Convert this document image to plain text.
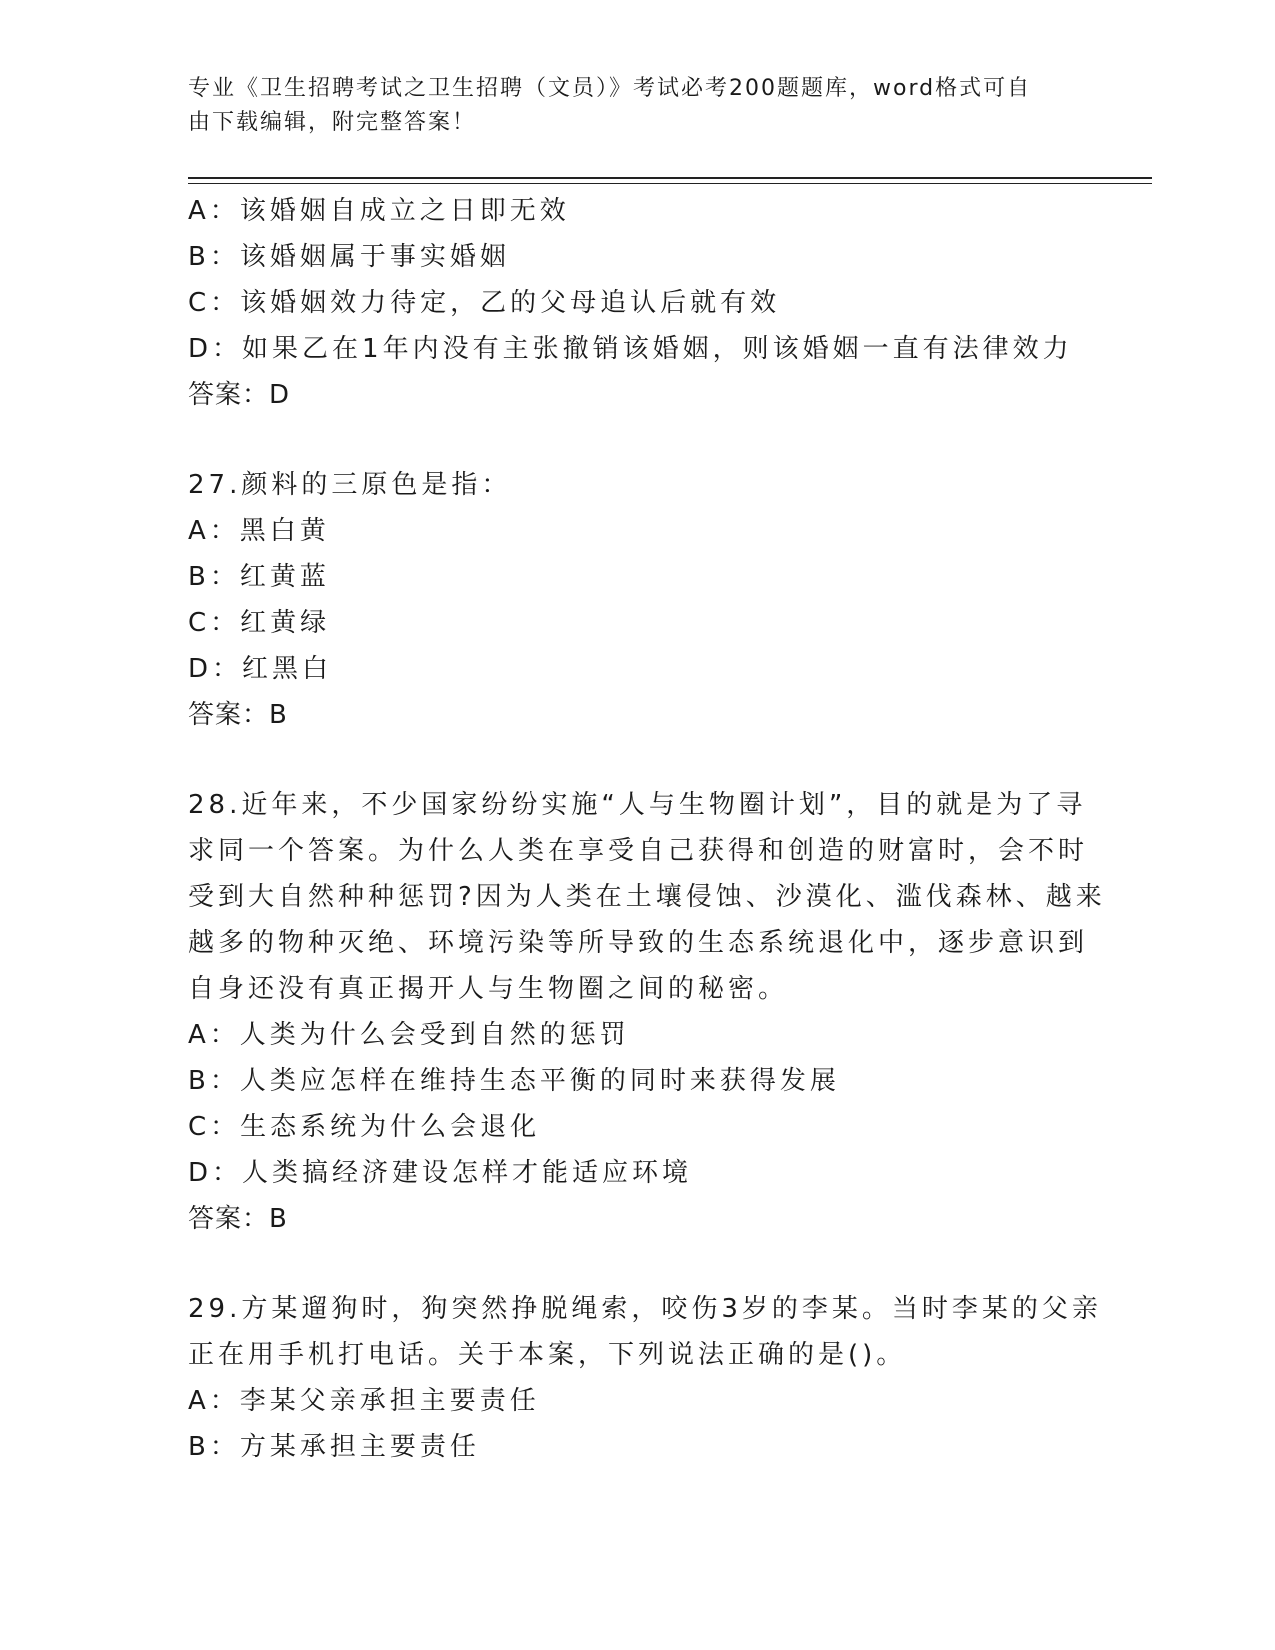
专业《卫生招聘考试之卫生招聘（文员）》考试必考200题题库，word格式可自
由下载编辑，附完整答案！
A：该婚姻自成立之日即无效
B：该婚姻属于事实婚姻
C：该婚姻效力待定，乙的父母追认后就有效
D：如果乙在1年内没有主张撤销该婚姻，则该婚姻一直有法律效力
答案：D
27.颜料的三原色是指：
A：黑白黄
B：红黄蓝
C：红黄绿
D：红黑白
答案：B
28.近年来，不少国家纷纷实施“人与生物圈计划”，目的就是为了寻
求同一个答案。为什么人类在享受自己获得和创造的财富时，会不时
受到大自然种种惩罚?因为人类在土壤侵蚀、沙漠化、滥伐森林、越来
越多的物种灭绝、环境污染等所导致的生态系统退化中，逐步意识到
自身还没有真正揭开人与生物圈之间的秘密。
A：人类为什么会受到自然的惩罚
B：人类应怎样在维持生态平衡的同时来获得发展
C：生态系统为什么会退化
D：人类搞经济建设怎样才能适应环境
答案：B
29.方某遛狗时，狗突然挣脱绳索，咬伤3岁的李某。当时李某的父亲
正在用手机打电话。关于本案，下列说法正确的是()。
A：李某父亲承担主要责任
B：方某承担主要责任
